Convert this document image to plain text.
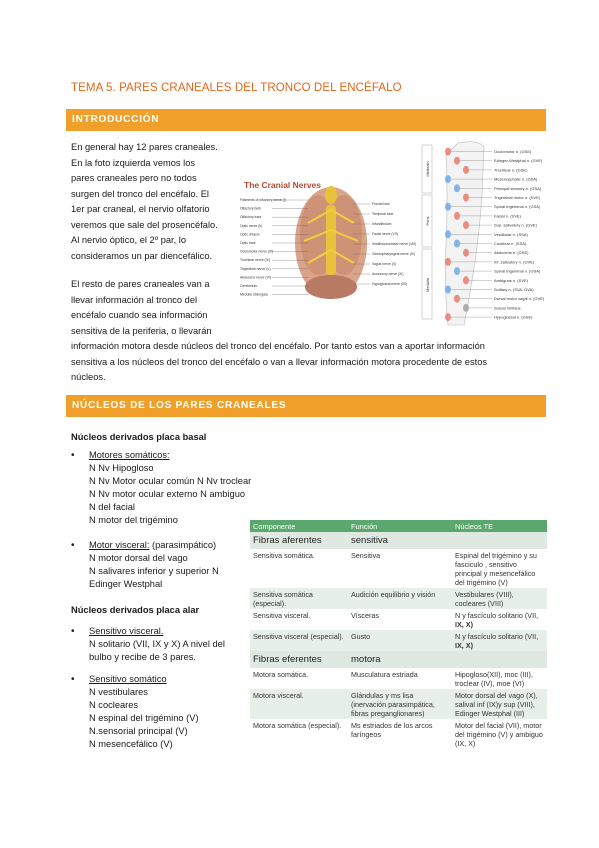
TEMA 5. PARES CRANEALES DEL TRONCO DEL ENCÉFALO
INTRODUCCIÓN
En general hay 12 pares craneales.
En la foto izquierda vemos los
pares craneales pero no todos
surgen del tronco del encéfalo. El
1er par craneal, el nervio olfatorio
veremos que sale del prosencéfalo.
Al nervio óptico, el 2º par, lo
consideramos un par diencefálico.
El resto de pares craneales van a
llevar información al tronco del
encéfalo cuando sea información
sensitiva de la periferia, o llevarán
información motora desde núcleos del tronco del encéfalo. Por tanto estos van a aportar información
sensitiva a los núcleos del tronco del encéfalo o van a llevar información motora procedente de estos
núcleos.
The Cranial Nerves
Filaments of olfactory nerve (I)
Olfactory bulb
Olfactory tract
Optic nerve (II)
Optic chiasm
Optic tract
Oculomotor nerve (III)
Trochlear nerve (IV)
Trigeminal nerve (V)
Abducens nerve (VI)
Cerebellum
Medulla oblongata
Frontal lobe
Temporal lobe
Infundibulum
Facial nerve (VII)
Vestibulocochlear nerve (VIII)
Glossopharyngeal nerve (IX)
Vagus nerve (X)
Accessory nerve (XI)
Hypoglossal nerve (XII)
Oculomotor n. (GSE)
Edinger-Westphal n. (GVE)
Trochlear n. (GSE)
Mesencephalic n. (GSA)
Principal sensory n. (GSA)
Trigeminal motor n. (SVE)
Spinal trigeminal n. (GSA)
Facial n. (SVE)
Sup. salivatory n. (GVE)
Vestibular n. (SSA)
Cochlear n. (SSA)
Abducens n. (GSE)
Inf. salivatory n. (GVE)
Spinal trigeminal n. (GSA)
Ambiguus n. (SVE)
Solitary n. (SVA, GVA)
Dorsal motor vagal n. (GVE)
Sulcus limitans
Hypoglossal n. (GSE)
Midbrain
Pons
Medulla
NÚCLEOS DE LOS PARES CRANEALES
Núcleos derivados placa basal
•	Motores somáticos:
N Nv Hipogloso
N Nv Motor ocular común N Nv troclear
N Nv motor ocular externo N ambiguo
N del facial
N motor del trigémino
•	Motor visceral: (parasimpático)
N motor dorsal del vago
N salivares inferior y superior N
Edinger Westphal
Núcleos derivados placa alar
•	Sensitivo visceral.
N solitario (VII, IX y X) A nivel del
bulbo y recibe de 3 pares.
•	Sensitivo somático
N vestibulares
N cocleares
N espinal del trigémino (V)
N.sensorial principal (V)
N mesencefálico (V)
Componente	Función	Núcleos TE
Fibras aferentes	sensitiva	
Sensitiva somática.	Sensitiva	Espinal del trigémino y su fasciculo , sensitivo principal y mesencefálico del trigémino (V)
Sensitiva somática (especial).	Audición equilibrio y visión	Vestibulares (VIII), cocleares (VIII)
Sensitiva visceral.	Vísceras	N y fascículo solitario (VII,
IX, X)
Sensitiva visceral (especial).	Gusto	N y fascículo solitario (VII,
IX, X)
Fibras eferentes	motora	
Motora somática.	Musculatura estriada	Hipogloso(XII), moc (III), troclear (IV), moe (VI)
Motora visceral.	Glándulas y ms lisa (inervación parasimpática, fibras preganglionares)	Motor dorsal del vago (X), salival inf (IX)y sup (VIII), Edinger Westphal (III)
Motora somática (especial).	Ms estriados de los arcos faríngeos	Motor del facial (VII), motor del trigémino (V) y ambiguo (IX, X)
